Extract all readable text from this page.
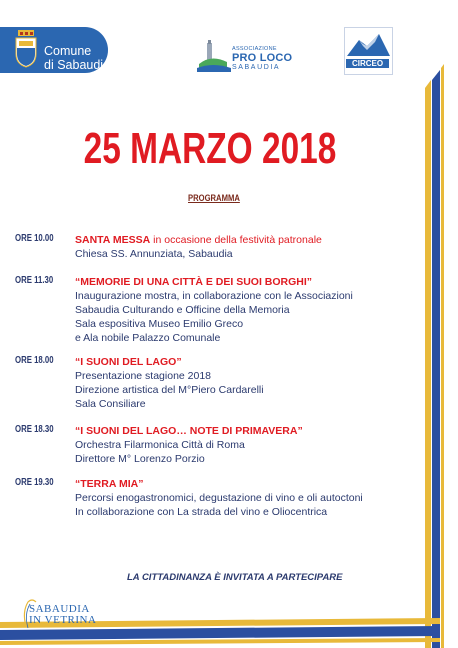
Comune
di Sabaudia
ASSOCIAZIONE
PRO LOCO
SABAUDIA	CIRCEO
25 MARZO 2018
PROGRAMMA
ORE 10.00 SANTA MESSA in occasione della festività patronale
Chiesa SS. Annunziata, Sabaudia
ORE 11.30 “MEMORIE DI UNA CITTÀ E DEI SUOI BORGHI”
Inaugurazione mostra, in collaborazione con le Associazioni
Sabaudia Culturando e Officine della Memoria
Sala espositiva Museo Emilio Greco
e Ala nobile Palazzo Comunale
ORE 18.00 “I SUONI DEL LAGO”
Presentazione stagione 2018
Direzione artistica del M°Piero Cardarelli
Sala Consiliare
ORE 18.30 “I SUONI DEL LAGO… NOTE DI PRIMAVERA”
Orchestra Filarmonica Città di Roma
Direttore M° Lorenzo Porzio
ORE 19.30 “TERRA MIA”
Percorsi enogastronomici, degustazione di vino e oli autoctoni
In collaborazione con La strada del vino e Oliocentrica
LA CITTADINANZA È INVITATA A PARTECIPARE
SABAUDIA
IN VETRINA
